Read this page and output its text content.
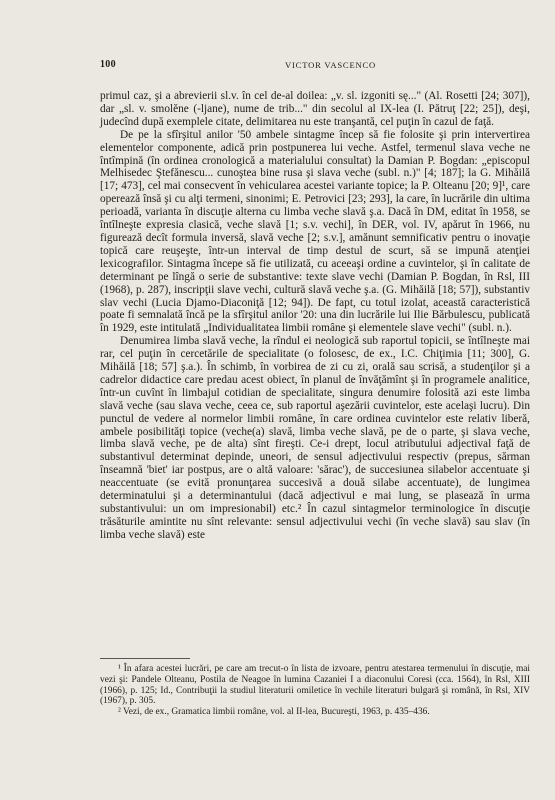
100	VICTOR VASCENCO

primul caz, şi a abrevierii sl.v. în cel de-al doilea: „v. sl. izgoniti sę..." (Al. Rosetti [24; 307]), dar „sl. v. smolĕne (-ljane), nume de trib..." din secolul al IX-lea (I. Pătruţ [22; 25]), deşi, judecînd după exemplele citate, delimitarea nu este tranşantă, cel puţin în cazul de faţă.

De pe la sfîrşitul anilor '50 ambele sintagme încep să fie folosite şi prin intervertirea elementelor componente, adică prin postpunerea lui veche. Astfel, termenul slava veche ne întîmpină (în ordinea cronologică a materialului consultat) la Damian P. Bogdan: „episcopul Melhisedec Ştefănescu... cunoştea bine rusa şi slava veche (subl. n.)" [4; 187]; la G. Mihăilă [17; 473], cel mai consecvent în vehicularea acestei variante topice; la P. Olteanu [20; 9]¹, care operează însă şi cu alţi termeni, sinonimi; E. Petrovici [23; 293], la care, în lucrările din ultima perioadă, varianta în discuţie alterna cu limba veche slavă ş.a. Dacă în DM, editat în 1958, se întîlneşte expresia clasică, veche slavă [1; s.v. vechi], în DER, vol. IV, apărut în 1966, nu figurează decît formula inversă, slavă veche [2; s.v.], amănunt semnificativ pentru o inovaţie topică care reuşeşte, într-un interval de timp destul de scurt, să se impună atenţiei lexicografilor. Sintagma începe să fie utilizată, cu aceeaşi ordine a cuvintelor, şi în calitate de determinant pe lîngă o serie de substantive: texte slave vechi (Damian P. Bogdan, în Rsl, III (1968), p. 287), inscripţii slave vechi, cultură slavă veche ş.a. (G. Mihăilă [18; 57]), substantiv slav vechi (Lucia Djamo-Diaconiţă [12; 94]). De fapt, cu totul izolat, această caracteristică poate fi semnalată încă pe la sfîrşitul anilor '20: una din lucrările lui Ilie Bărbulescu, publicată în 1929, este intitulată „Individualitatea limbii române şi elementele slave vechi" (subl. n.).

Denumirea limba slavă veche, la rîndul ei neologică sub raportul topicii, se întîlneşte mai rar, cel puţin în cercetările de specialitate (o folosesc, de ex., I.C. Chiţimia [11; 300], G. Mihăilă [18; 57] ş.a.). În schimb, în vorbirea de zi cu zi, orală sau scrisă, a studenţilor şi a cadrelor didactice care predau acest obiect, în planul de învăţămînt şi în programele analitice, într-un cuvînt în limbajul cotidian de specialitate, singura denumire folosită azi este limba slavă veche (sau slava veche, ceea ce, sub raportul aşezării cuvintelor, este acelaşi lucru). Din punctul de vedere al normelor limbii române, în care ordinea cuvintelor este relativ liberă, ambele posibilităţi topice (veche(a) slavă, limba veche slavă, pe de o parte, şi slava veche, limba slavă veche, pe de alta) sînt fireşti. Ce-i drept, locul atributului adjectival faţă de substantivul determinat depinde, uneori, de sensul adjectivului respectiv (prepus, sărman înseamnă 'biet' iar postpus, are o altă valoare: 'sărac'), de succesiunea silabelor accentuate şi neaccentuate (se evită pronunţarea succesivă a două silabe accentuate), de lungimea determinatului şi a determinantului (dacă adjectivul e mai lung, se plasează în urma substantivului: un om impresionabil) etc.² În cazul sintagmelor terminologice în discuţie trăsăturile amintite nu sînt relevante: sensul adjectivului vechi (în veche slavă) sau slav (în limba veche slavă) este

¹ În afara acestei lucrări, pe care am trecut-o în lista de izvoare, pentru atestarea termenului în discuţie, mai vezi şi: Pandele Olteanu, Postila de Neagoe în lumina Cazaniei I a diaconului Coresi (cca. 1564), în Rsl, XIII (1966), p. 125; Id., Contribuţii la studiul literaturii omiletice în vechile literaturi bulgară şi română, în Rsl, XIV (1967), p. 305.

² Vezi, de ex., Gramatica limbii române, vol. al II-lea, Bucureşti, 1963, p. 435–436.
